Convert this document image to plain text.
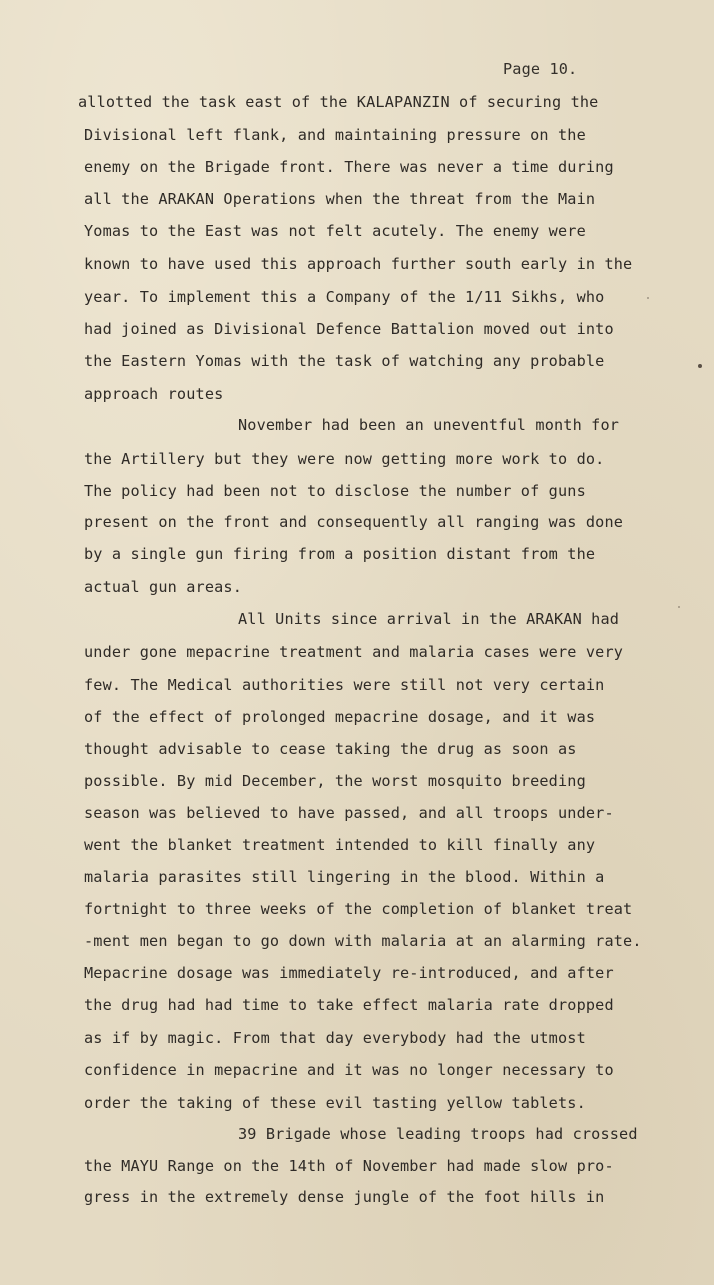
Page 10.
allotted the task east of the KALAPANZIN of securing the
Divisional left flank, and maintaining pressure on the
enemy on the Brigade front. There was never a time during
all the ARAKAN Operations when the threat from the Main
Yomas to the East was not felt acutely. The enemy were
known to have used this approach further south early in the
year. To implement this a Company of the 1/11 Sikhs, who
had joined as Divisional Defence Battalion moved out into
the Eastern Yomas with the task of watching any probable
approach routes
November had been an uneventful month for
the Artillery but they were now getting more work to do.
The policy had been not to disclose the number of guns
present on the front and consequently all ranging was done
by a single gun firing from a position distant from the
actual gun areas.
All Units since arrival in the ARAKAN had
under gone mepacrine treatment and malaria cases were very
few. The Medical authorities were still not very certain
of the effect of prolonged mepacrine dosage, and it was
thought advisable to cease taking the drug as soon as
possible. By mid December, the worst mosquito breeding
season was believed to have passed, and all troops under-
went the blanket treatment intended to kill finally any
malaria parasites still lingering in the blood. Within a
fortnight to three weeks of the completion of blanket treat
-ment men began to go down with malaria at an alarming rate.
Mepacrine dosage was immediately re-introduced, and after
the drug had had time to take effect malaria rate dropped
as if by magic. From that day everybody had the utmost
confidence in mepacrine and it was no longer necessary to
order the taking of these evil tasting yellow tablets.
39 Brigade whose leading troops had crossed
the MAYU Range on the 14th of November had made slow pro-
gress in the extremely dense jungle of the foot hills in
